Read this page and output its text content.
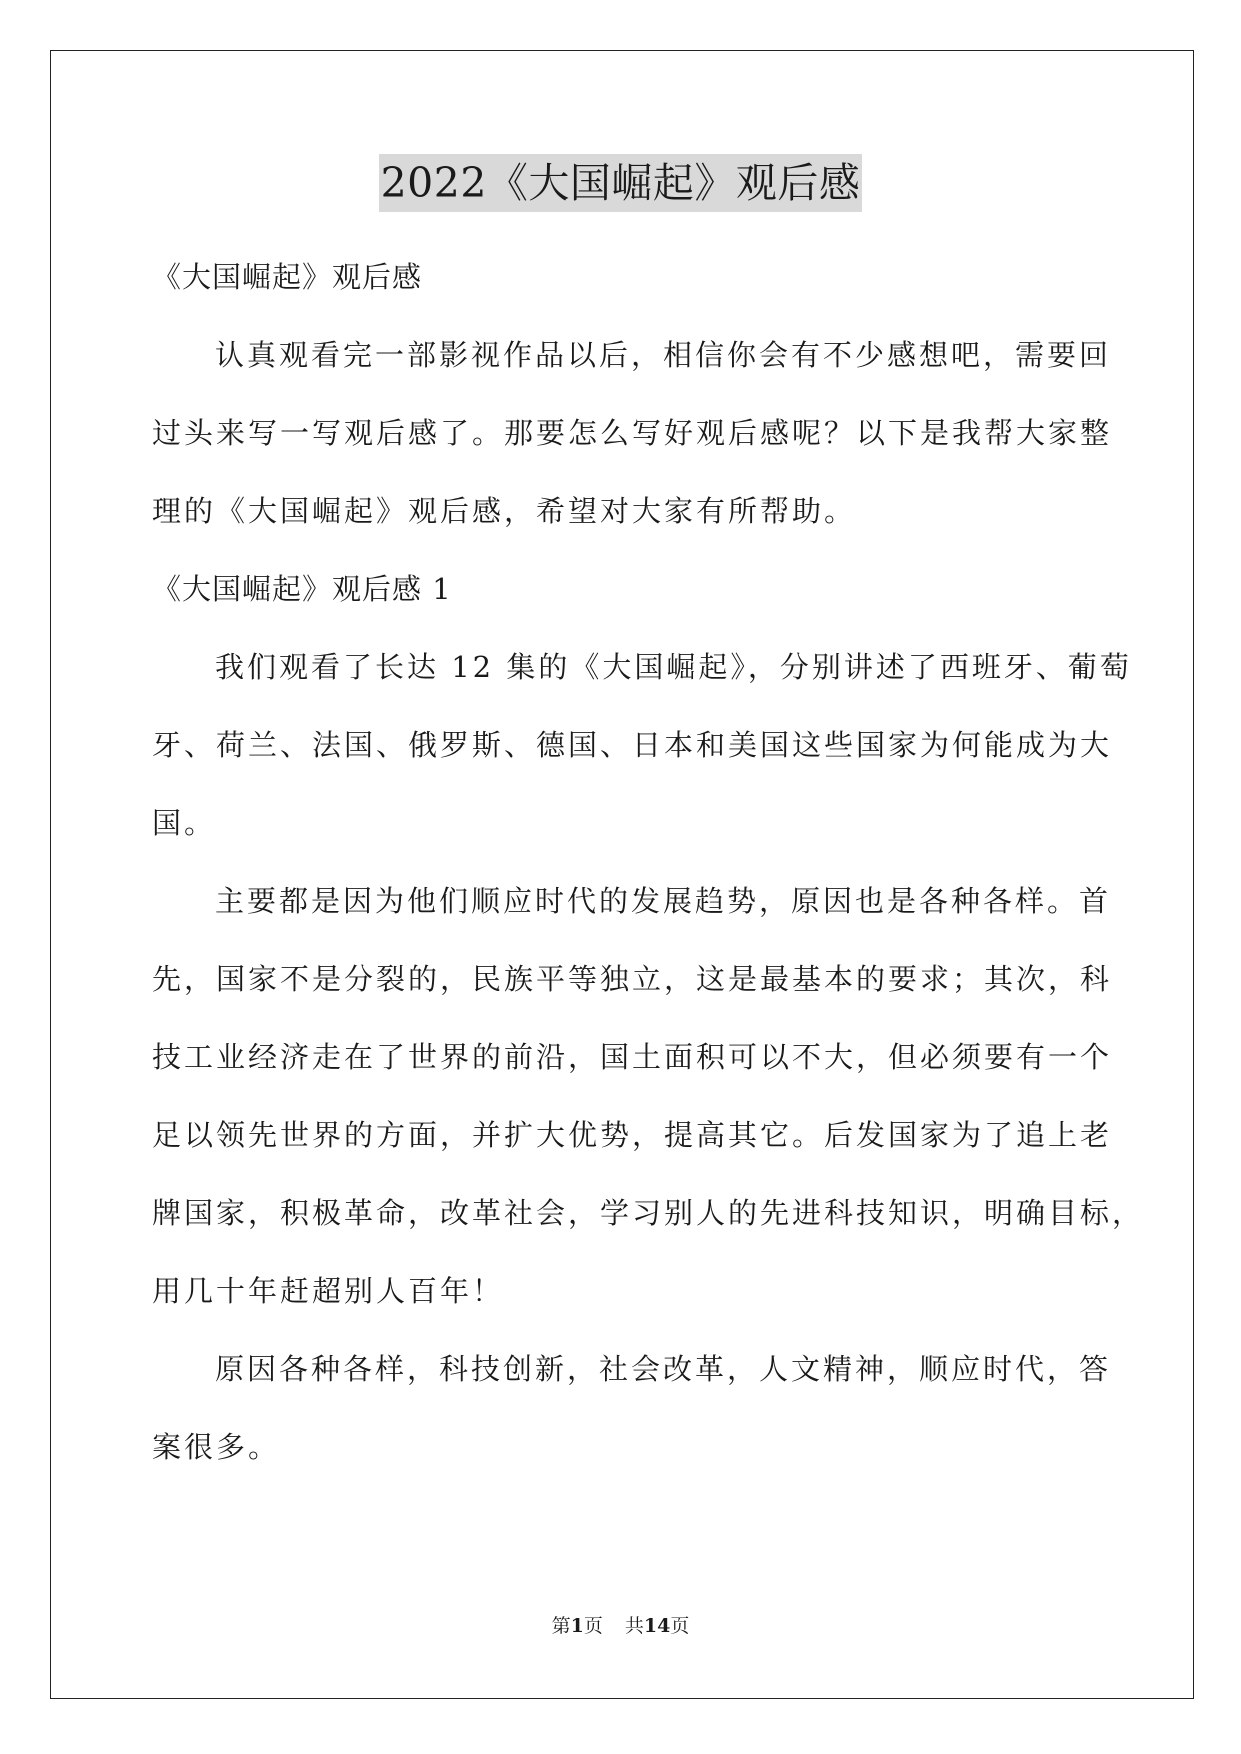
2022《大国崛起》观后感
《大国崛起》观后感
认真观看完一部影视作品以后，相信你会有不少感想吧，需要回
过头来写一写观后感了。那要怎么写好观后感呢？以下是我帮大家整
理的《大国崛起》观后感，希望对大家有所帮助。
《大国崛起》观后感 1
我们观看了长达 12 集的《大国崛起》，分别讲述了西班牙、葡萄
牙、荷兰、法国、俄罗斯、德国、日本和美国这些国家为何能成为大
国。
主要都是因为他们顺应时代的发展趋势，原因也是各种各样。首
先，国家不是分裂的，民族平等独立，这是最基本的要求；其次，科
技工业经济走在了世界的前沿，国土面积可以不大，但必须要有一个
足以领先世界的方面，并扩大优势，提高其它。后发国家为了追上老
牌国家，积极革命，改革社会，学习别人的先进科技知识，明确目标，
用几十年赶超别人百年！
原因各种各样，科技创新，社会改革，人文精神，顺应时代，答
案很多。
第1页 共14页
